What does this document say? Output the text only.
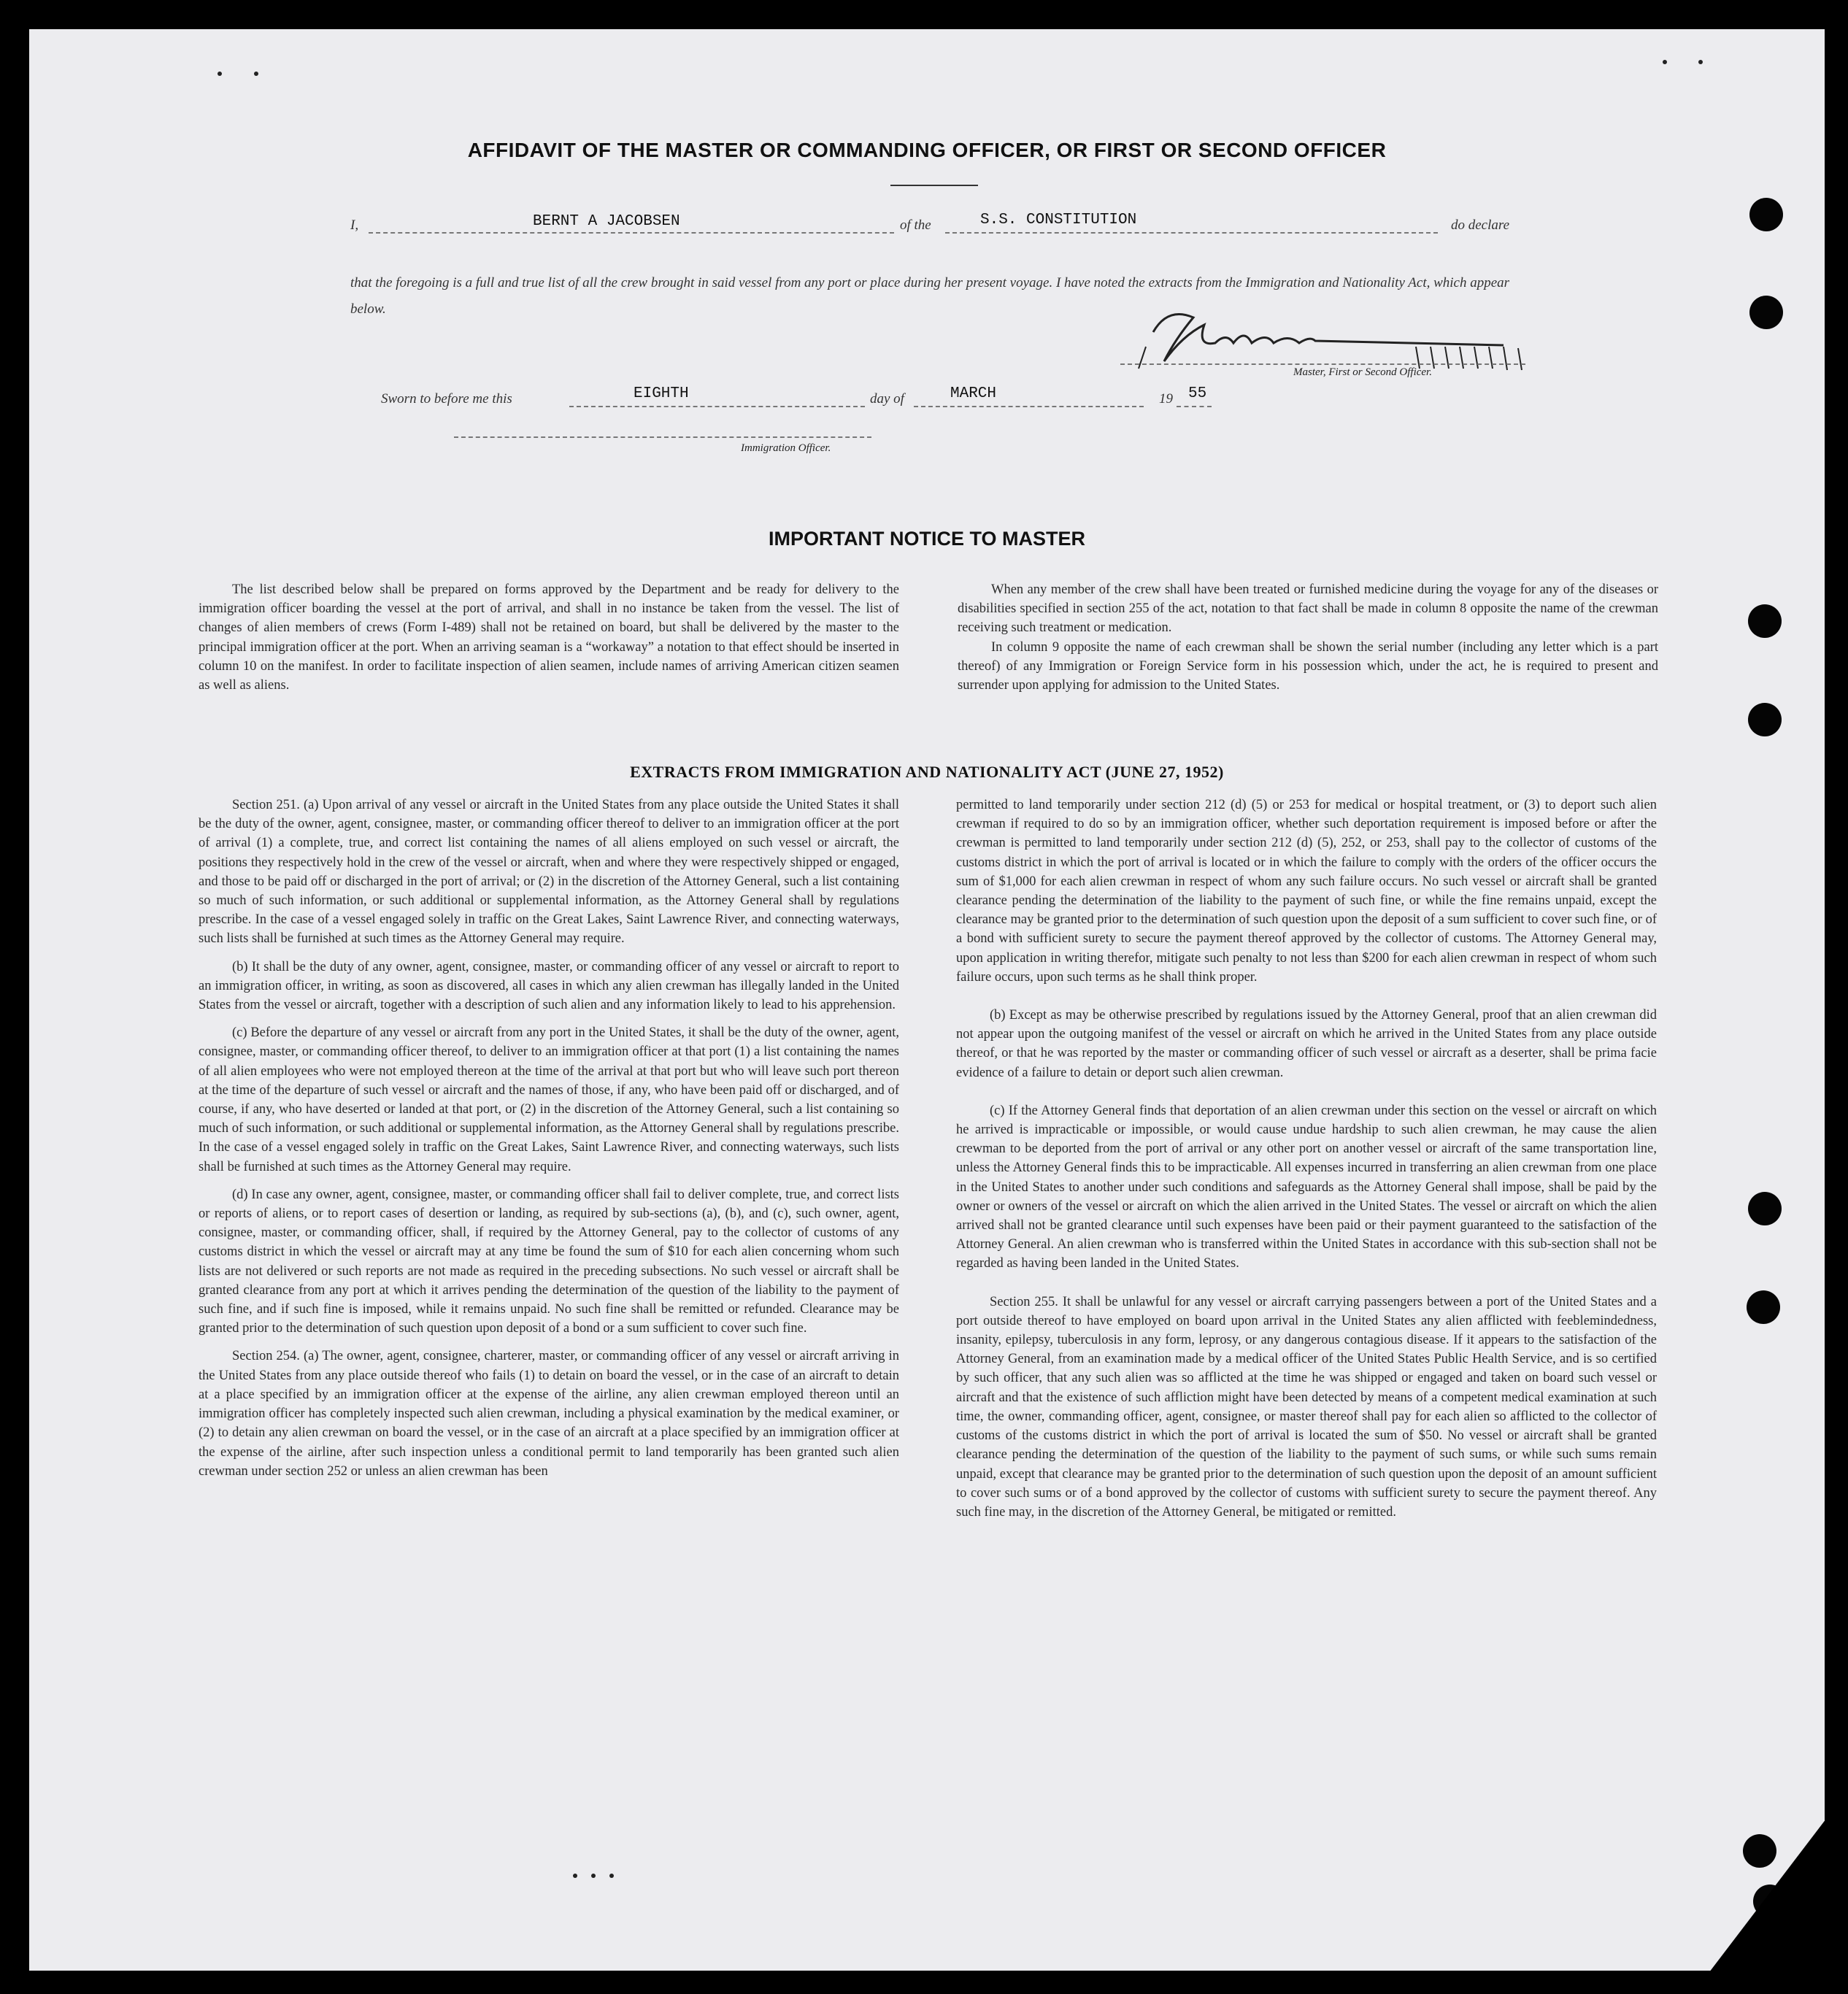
AFFIDAVIT OF THE MASTER OR COMMANDING OFFICER, OR FIRST OR SECOND OFFICER
I,	BERNT A JACOBSEN	of the	S.S. CONSTITUTION	do declare
that the foregoing is a full and true list of all the crew brought in said vessel from any port or place during her present voyage. I have noted the extracts from the Immigration and Nationality Act, which appear below.
Master, First or Second Officer.
Sworn to before me this	EIGHTH	day of	MARCH	19 55
Immigration Officer.
IMPORTANT NOTICE TO MASTER

The list described below shall be prepared on forms approved by the Department and be ready for delivery to the immigration officer boarding the vessel at the port of arrival, and shall in no instance be taken from the vessel. The list of changes of alien members of crews (Form I-489) shall not be retained on board, but shall be delivered by the master to the principal immigration officer at the port. When an arriving seaman is a “workaway” a notation to that effect should be inserted in column 10 on the manifest. In order to facilitate inspection of alien seamen, include names of arriving American citizen seamen as well as aliens.

When any member of the crew shall have been treated or furnished medicine during the voyage for any of the diseases or disabilities specified in section 255 of the act, notation to that fact shall be made in column 8 opposite the name of the crewman receiving such treatment or medication.

In column 9 opposite the name of each crewman shall be shown the serial number (including any letter which is a part thereof) of any Immigration or Foreign Service form in his possession which, under the act, he is required to present and surrender upon applying for admission to the United States.

EXTRACTS FROM IMMIGRATION AND NATIONALITY ACT (JUNE 27, 1952)

Section 251. (a) Upon arrival of any vessel or aircraft in the United States from any place outside the United States it shall be the duty of the owner, agent, consignee, master, or commanding officer thereof to deliver to an immigration officer at the port of arrival (1) a complete, true, and correct list containing the names of all aliens employed on such vessel or aircraft, the positions they respectively hold in the crew of the vessel or aircraft, when and where they were respectively shipped or engaged, and those to be paid off or discharged in the port of arrival; or (2) in the discretion of the Attorney General, such a list containing so much of such information, or such additional or supplemental information, as the Attorney General shall by regulations prescribe. In the case of a vessel engaged solely in traffic on the Great Lakes, Saint Lawrence River, and connecting waterways, such lists shall be furnished at such times as the Attorney General may require.

(b) It shall be the duty of any owner, agent, consignee, master, or commanding officer of any vessel or aircraft to report to an immigration officer, in writing, as soon as discovered, all cases in which any alien crewman has illegally landed in the United States from the vessel or aircraft, together with a description of such alien and any information likely to lead to his apprehension.

(c) Before the departure of any vessel or aircraft from any port in the United States, it shall be the duty of the owner, agent, consignee, master, or commanding officer thereof, to deliver to an immigration officer at that port (1) a list containing the names of all alien employees who were not employed thereon at the time of the arrival at that port but who will leave such port thereon at the time of the departure of such vessel or aircraft and the names of those, if any, who have been paid off or discharged, and of course, if any, who have deserted or landed at that port, or (2) in the discretion of the Attorney General, such a list containing so much of such information, or such additional or supplemental information, as the Attorney General shall by regulations prescribe. In the case of a vessel engaged solely in traffic on the Great Lakes, Saint Lawrence River, and connecting waterways, such lists shall be furnished at such times as the Attorney General may require.

(d) In case any owner, agent, consignee, master, or commanding officer shall fail to deliver complete, true, and correct lists or reports of aliens, or to report cases of desertion or landing, as required by sub-sections (a), (b), and (c), such owner, agent, consignee, master, or commanding officer, shall, if required by the Attorney General, pay to the collector of customs of any customs district in which the vessel or aircraft may at any time be found the sum of $10 for each alien concerning whom such lists are not delivered or such reports are not made as required in the preceding subsections. No such vessel or aircraft shall be granted clearance from any port at which it arrives pending the determination of the question of the liability to the payment of such fine, and if such fine is imposed, while it remains unpaid. No such fine shall be remitted or refunded. Clearance may be granted prior to the determination of such question upon deposit of a bond or a sum sufficient to cover such fine.

Section 254. (a) The owner, agent, consignee, charterer, master, or commanding officer of any vessel or aircraft arriving in the United States from any place outside thereof who fails (1) to detain on board the vessel, or in the case of an aircraft to detain at a place specified by an immigration officer at the expense of the airline, any alien crewman employed thereon until an immigration officer has completely inspected such alien crewman, including a physical examination by the medical examiner, or (2) to detain any alien crewman on board the vessel, or in the case of an aircraft at a place specified by an immigration officer at the expense of the airline, after such inspection unless a conditional permit to land temporarily has been granted such alien crewman under section 252 or unless an alien crewman has been

permitted to land temporarily under section 212 (d) (5) or 253 for medical or hospital treatment, or (3) to deport such alien crewman if required to do so by an immigration officer, whether such deportation requirement is imposed before or after the crewman is permitted to land temporarily under section 212 (d) (5), 252, or 253, shall pay to the collector of customs of the customs district in which the port of arrival is located or in which the failure to comply with the orders of the officer occurs the sum of $1,000 for each alien crewman in respect of whom any such failure occurs. No such vessel or aircraft shall be granted clearance pending the determination of the liability to the payment of such fine, or while the fine remains unpaid, except the clearance may be granted prior to the determination of such question upon the deposit of a sum sufficient to cover such fine, or of a bond with sufficient surety to secure the payment thereof approved by the collector of customs. The Attorney General may, upon application in writing therefor, mitigate such penalty to not less than $200 for each alien crewman in respect of whom such failure occurs, upon such terms as he shall think proper.

(b) Except as may be otherwise prescribed by regulations issued by the Attorney General, proof that an alien crewman did not appear upon the outgoing manifest of the vessel or aircraft on which he arrived in the United States from any place outside thereof, or that he was reported by the master or commanding officer of such vessel or aircraft as a deserter, shall be prima facie evidence of a failure to detain or deport such alien crewman.

(c) If the Attorney General finds that deportation of an alien crewman under this section on the vessel or aircraft on which he arrived is impracticable or impossible, or would cause undue hardship to such alien crewman, he may cause the alien crewman to be deported from the port of arrival or any other port on another vessel or aircraft of the same transportation line, unless the Attorney General finds this to be impracticable. All expenses incurred in transferring an alien crewman from one place in the United States to another under such conditions and safeguards as the Attorney General shall impose, shall be paid by the owner or owners of the vessel or aircraft on which the alien arrived in the United States. The vessel or aircraft on which the alien arrived shall not be granted clearance until such expenses have been paid or their payment guaranteed to the satisfaction of the Attorney General. An alien crewman who is transferred within the United States in accordance with this sub-section shall not be regarded as having been landed in the United States.

Section 255. It shall be unlawful for any vessel or aircraft carrying passengers between a port of the United States and a port outside thereof to have employed on board upon arrival in the United States any alien afflicted with feeblemindedness, insanity, epilepsy, tuberculosis in any form, leprosy, or any dangerous contagious disease. If it appears to the satisfaction of the Attorney General, from an examination made by a medical officer of the United States Public Health Service, and is so certified by such officer, that any such alien was so afflicted at the time he was shipped or engaged and taken on board such vessel or aircraft and that the existence of such affliction might have been detected by means of a competent medical examination at such time, the owner, commanding officer, agent, consignee, or master thereof shall pay for each alien so afflicted to the collector of customs of the customs district in which the port of arrival is located the sum of $50. No vessel or aircraft shall be granted clearance pending the determination of the question of the liability to the payment of such sums, or while such sums remain unpaid, except that clearance may be granted prior to the determination of such question upon the deposit of an amount sufficient to cover such sums or of a bond approved by the collector of customs with sufficient surety to secure the payment thereof. Any such fine may, in the discretion of the Attorney General, be mitigated or remitted.
